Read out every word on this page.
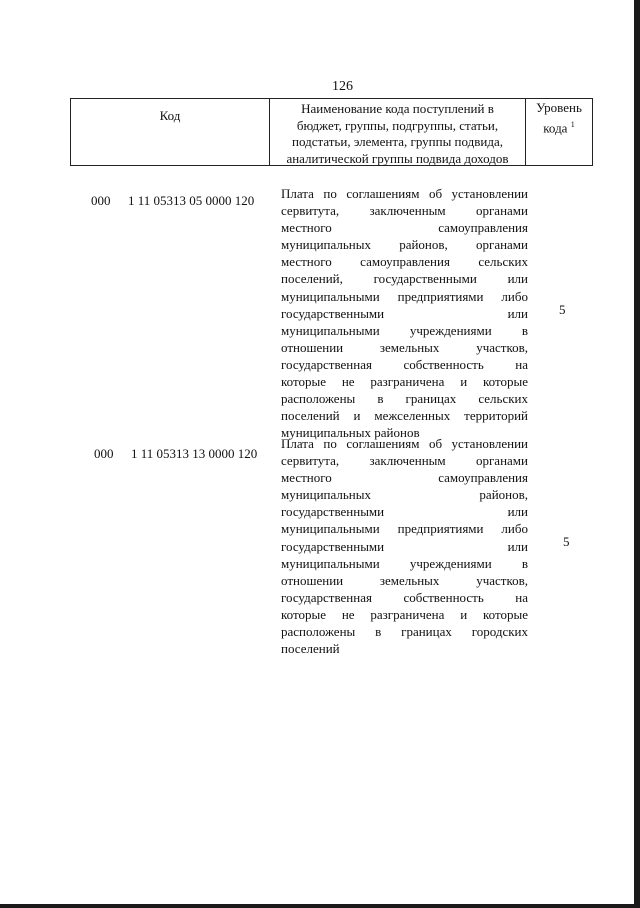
126
Код	Наименование кода поступлений в
бюджет, группы, подгруппы, статьи,
подстатьи, элемента, группы подвида,
аналитической группы подвида доходов
Уровень
кода $^1$
000 1 11 05313 05 0000 120 Плата по соглашениям об установлении
сервитута, заключенным органами
местного самоуправления
муниципальных районов, органами
местного самоуправления сельских
поселений, государственными или
муниципальными предприятиями либо
государственными или
муниципальными учреждениями в
отношении земельных участков,
государственная собственность на
которые не разграничена и которые
расположены в границах сельских
поселений и межселенных территорий
муниципальных районов
5
000 1 11 05313 13 0000 120
Плата по соглашениям об установлении
сервитута, заключенным органами
местного самоуправления
муниципальных районов,
государственными или
муниципальными предприятиями либо
государственными или
муниципальными учреждениями в
отношении земельных участков,
государственная собственность на
которые не разграничена и которые
расположены в границах городских
поселений
5
